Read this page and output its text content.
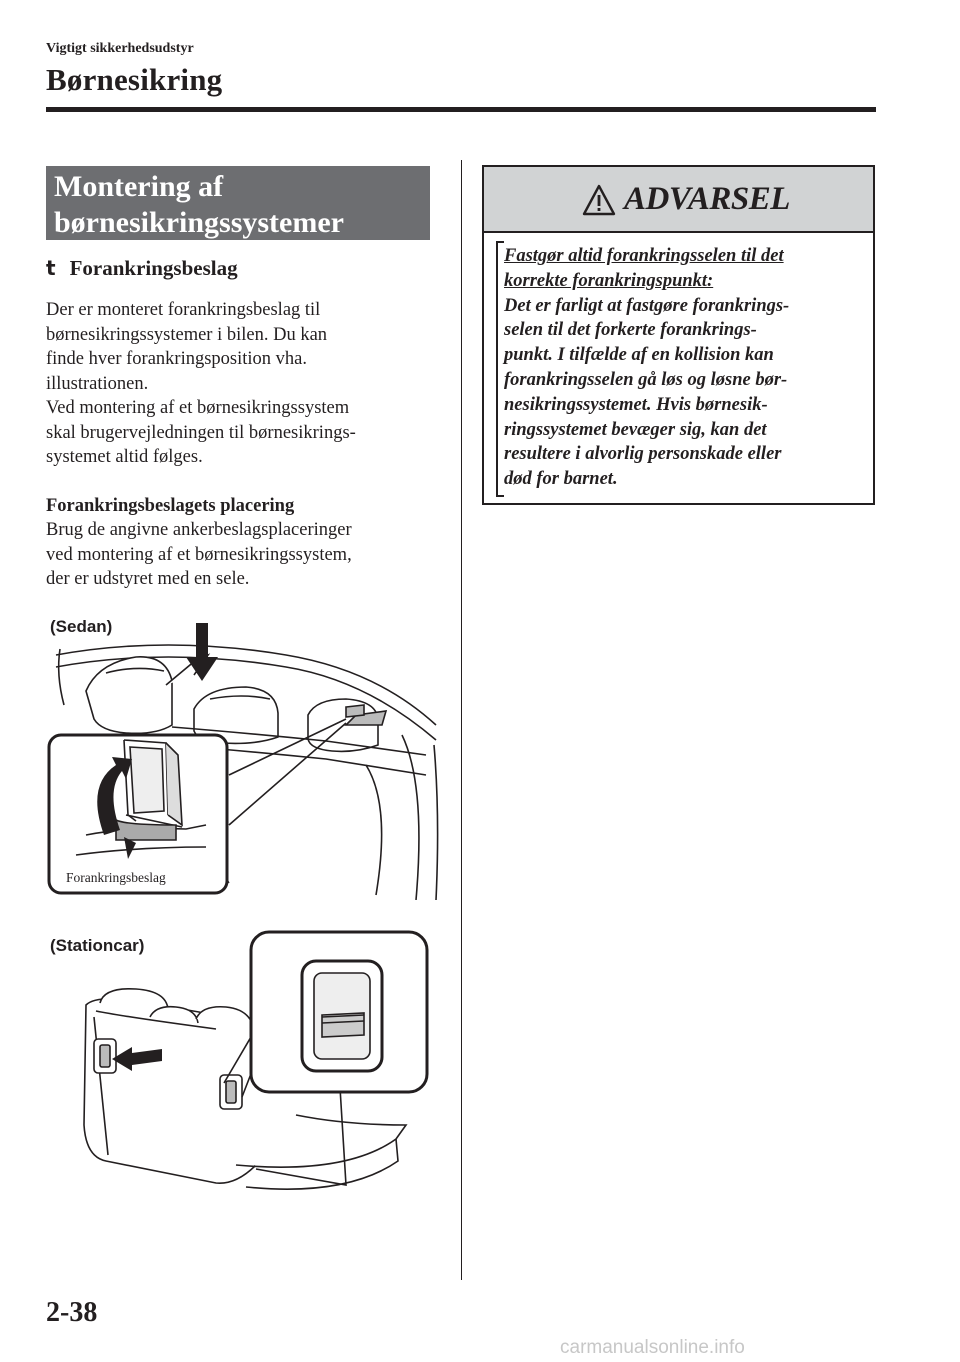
Vigtigt sikkerhedsudstyr
Børnesikring
Montering af
børnesikringssystemer
t Forankringsbeslag
Der er monteret forankringsbeslag til
børnesikringssystemer i bilen. Du kan
finde hver forankringsposition vha.
illustrationen.
Ved montering af et børnesikringssystem
skal brugervejledningen til børnesikrings-
systemet altid følges.
Forankringsbeslagets placering
Brug de angivne ankerbeslagsplaceringer
ved montering af et børnesikringssystem,
der er udstyret med en sele.
(Sedan)
Forankringsbeslag
(Stationcar)
ADVARSEL
Fastgør altid forankringsselen til det
korrekte forankringspunkt:
Det er farligt at fastgøre forankrings-
selen til det forkerte forankrings-
punkt. I tilfælde af en kollision kan
forankringsselen gå løs og løsne bør-
nesikringssystemet. Hvis børnesik-
ringssystemet bevæger sig, kan det
resultere i alvorlig personskade eller
død for barnet.
2-38
carmanualsonline.info
